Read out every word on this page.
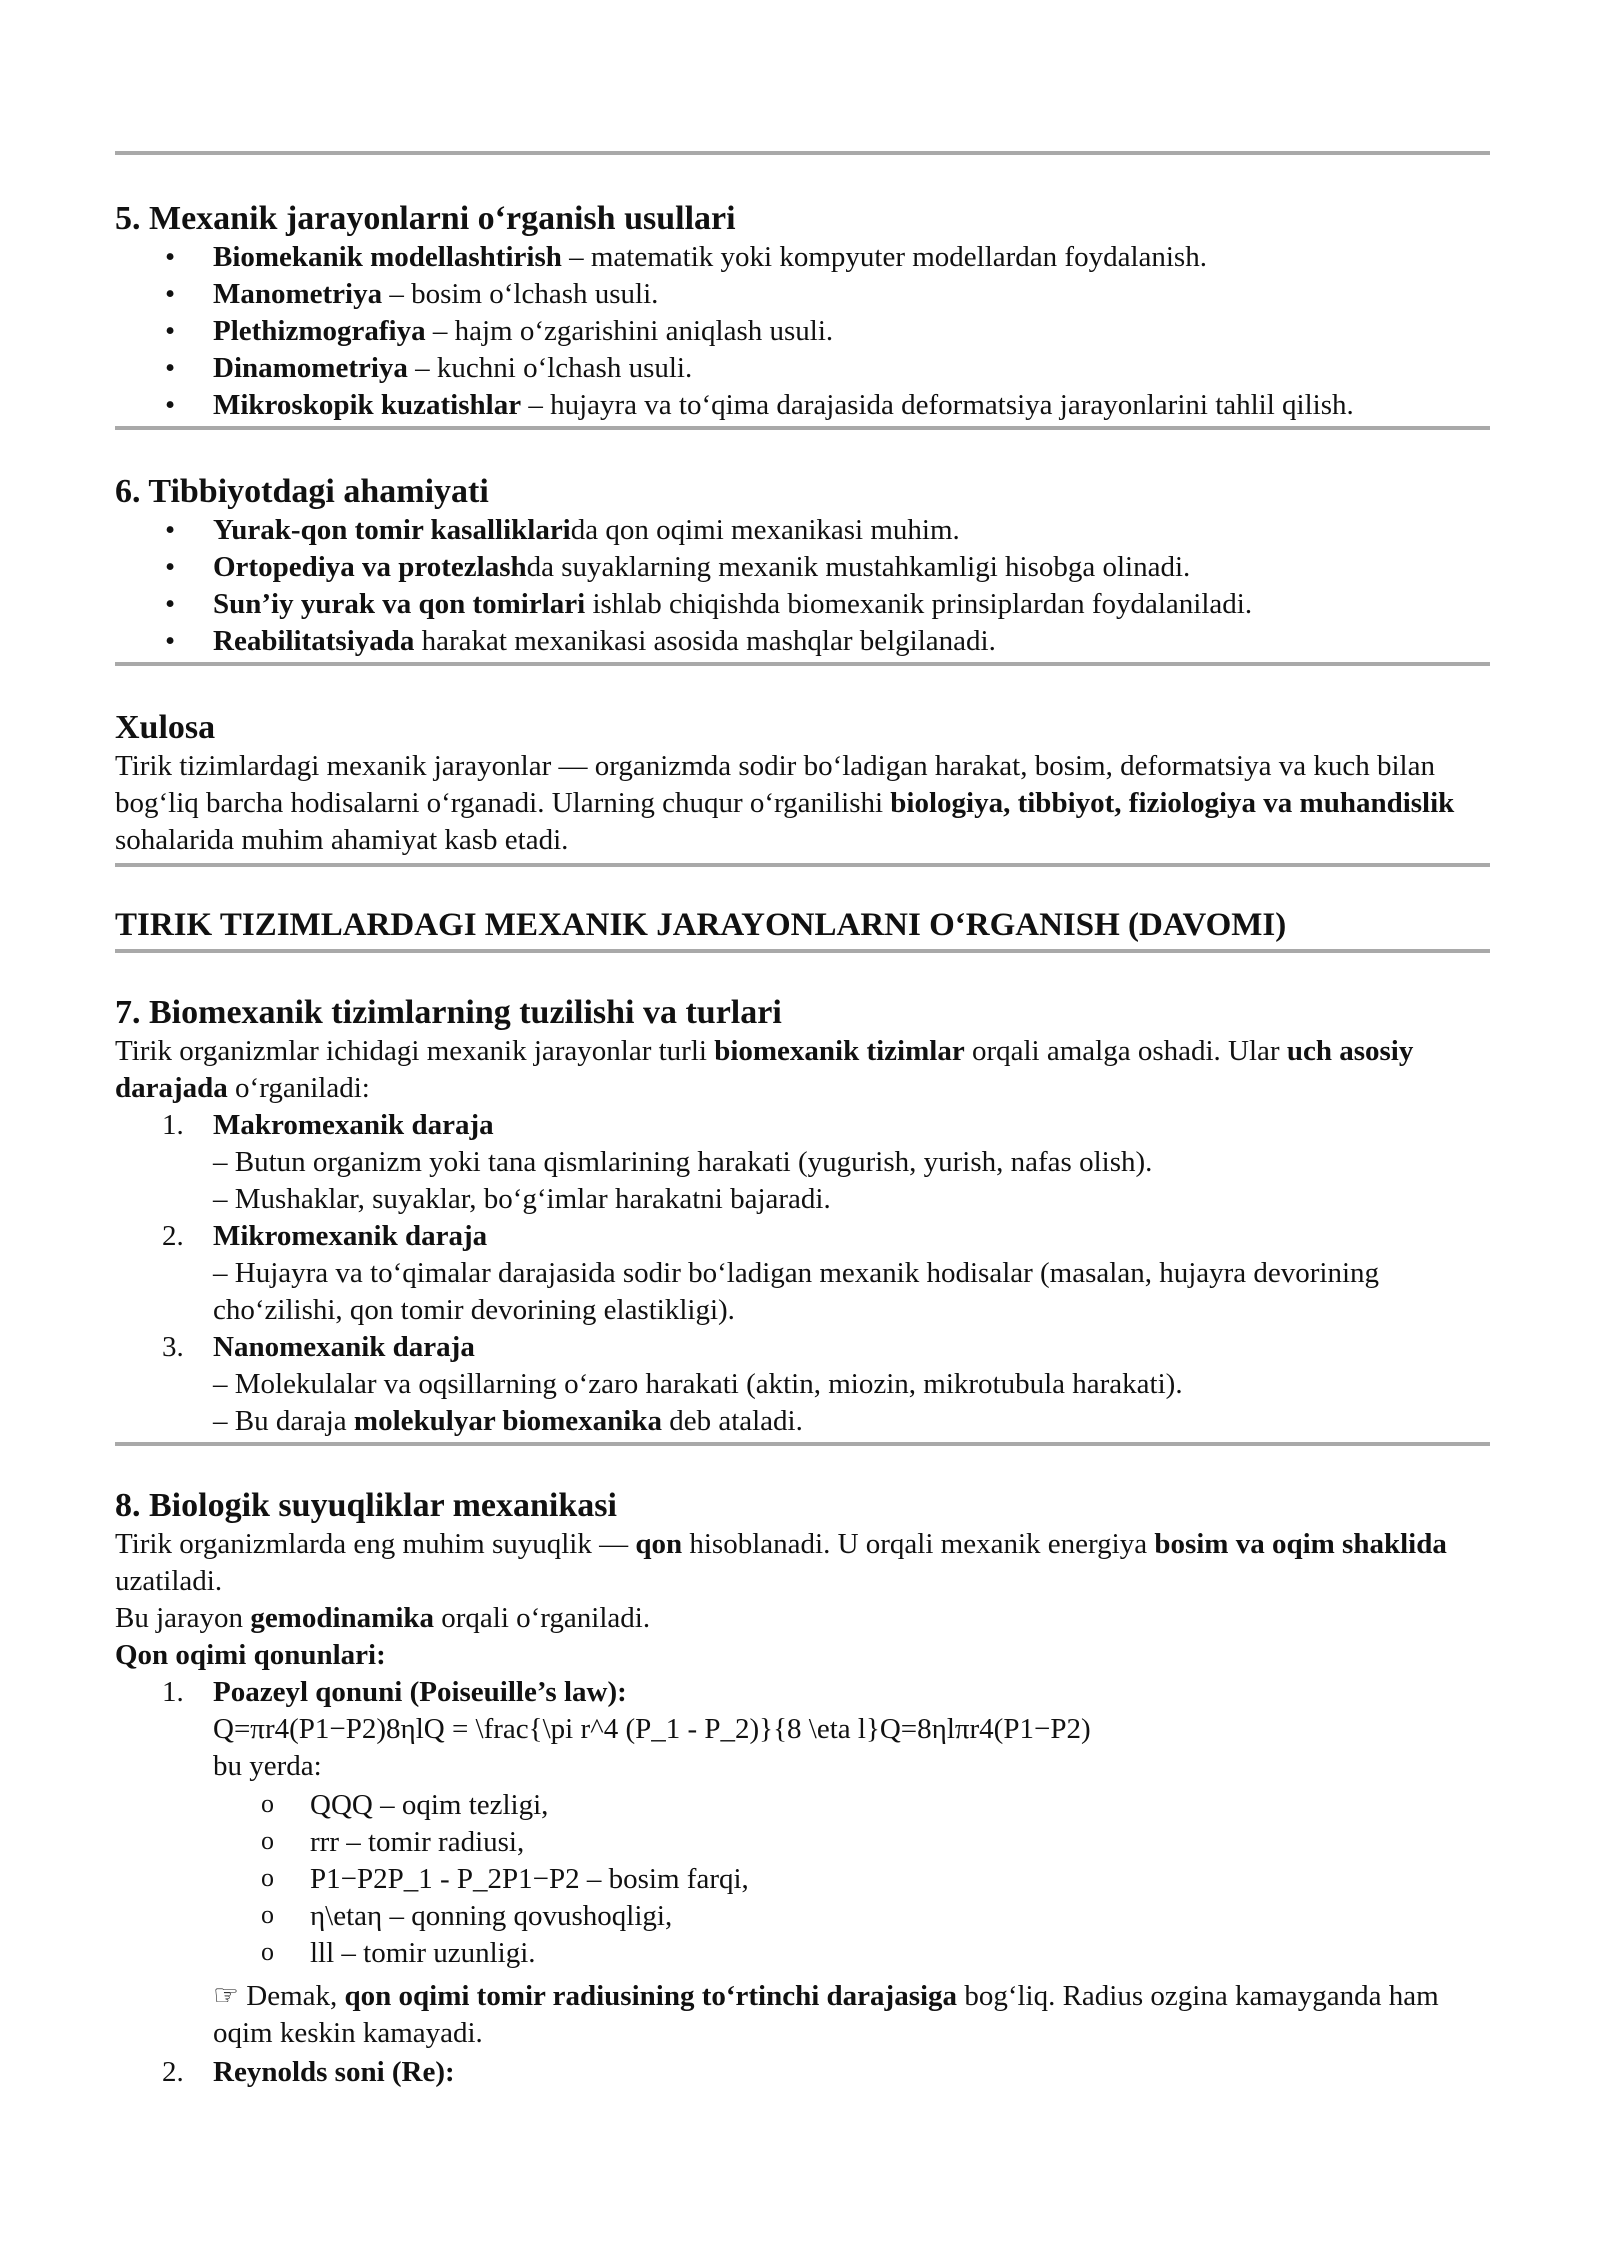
5. Mexanik jarayonlarni o‘rganish usullari
• Biomekanik modellashtirish – matematik yoki kompyuter modellardan foydalanish.
• Manometriya – bosim o‘lchash usuli.
• Plethizmografiya – hajm o‘zgarishini aniqlash usuli.
• Dinamometriya – kuchni o‘lchash usuli.
• Mikroskopik kuzatishlar – hujayra va to‘qima darajasida deformatsiya jarayonlarini tahlil qilish.
6. Tibbiyotdagi ahamiyati
• Yurak-qon tomir kasalliklarida qon oqimi mexanikasi muhim.
• Ortopediya va protezlashda suyaklarning mexanik mustahkamligi hisobga olinadi.
• Sun’iy yurak va qon tomirlari ishlab chiqishda biomexanik prinsiplardan foydalaniladi.
• Reabilitatsiyada harakat mexanikasi asosida mashqlar belgilanadi.
Xulosa

Tirik tizimlardagi mexanik jarayonlar — organizmda sodir bo‘ladigan harakat, bosim, deformatsiya va kuch bilan bog‘liq barcha hodisalarni o‘rganadi. Ularning chuqur o‘rganilishi biologiya, tibbiyot, fiziologiya va muhandislik sohalarida muhim ahamiyat kasb etadi.

TIRIK TIZIMLARDAGI MEXANIK JARAYONLARNI O‘RGANISH (DAVOMI)
7. Biomexanik tizimlarning tuzilishi va turlari

Tirik organizmlar ichidagi mexanik jarayonlar turli biomexanik tizimlar orqali amalga oshadi. Ular uch asosiy darajada o‘rganiladi:

1. Makromexanik daraja

– Butun organizm yoki tana qismlarining harakati (yugurish, yurish, nafas olish).

– Mushaklar, suyaklar, bo‘g‘imlar harakatni bajaradi.

2. Mikromexanik daraja

– Hujayra va to‘qimalar darajasida sodir bo‘ladigan mexanik hodisalar (masalan, hujayra devorining cho‘zilishi, qon tomir devorining elastikligi).

3. Nanomexanik daraja

– Molekulalar va oqsillarning o‘zaro harakati (aktin, miozin, mikrotubula harakati).

– Bu daraja molekulyar biomexanika deb ataladi.

8. Biologik suyuqliklar mexanikasi

Tirik organizmlarda eng muhim suyuqlik — qon hisoblanadi. U orqali mexanik energiya bosim va oqim shaklida uzatiladi.

Bu jarayon gemodinamika orqali o‘rganiladi.

Qon oqimi qonunlari:

1. Poazeyl qonuni (Poiseuille’s law):

Q=πr4(P1−P2)8ηlQ = \frac{\pi r^4 (P_1 - P_2)}{8 \eta l}Q=8ηlπr4(P1−P2)

bu yerda:

o QQQ – oqim tezligi,
o rrr – tomir radiusi,
o P1−P2P_1 - P_2P1−P2 – bosim farqi,
o η\etaη – qonning qovushoqligi,
o lll – tomir uzunligi.

☞ Demak, qon oqimi tomir radiusining to‘rtinchi darajasiga bog‘liq. Radius ozgina kamayganda ham oqim keskin kamayadi.

2. Reynolds soni (Re):
